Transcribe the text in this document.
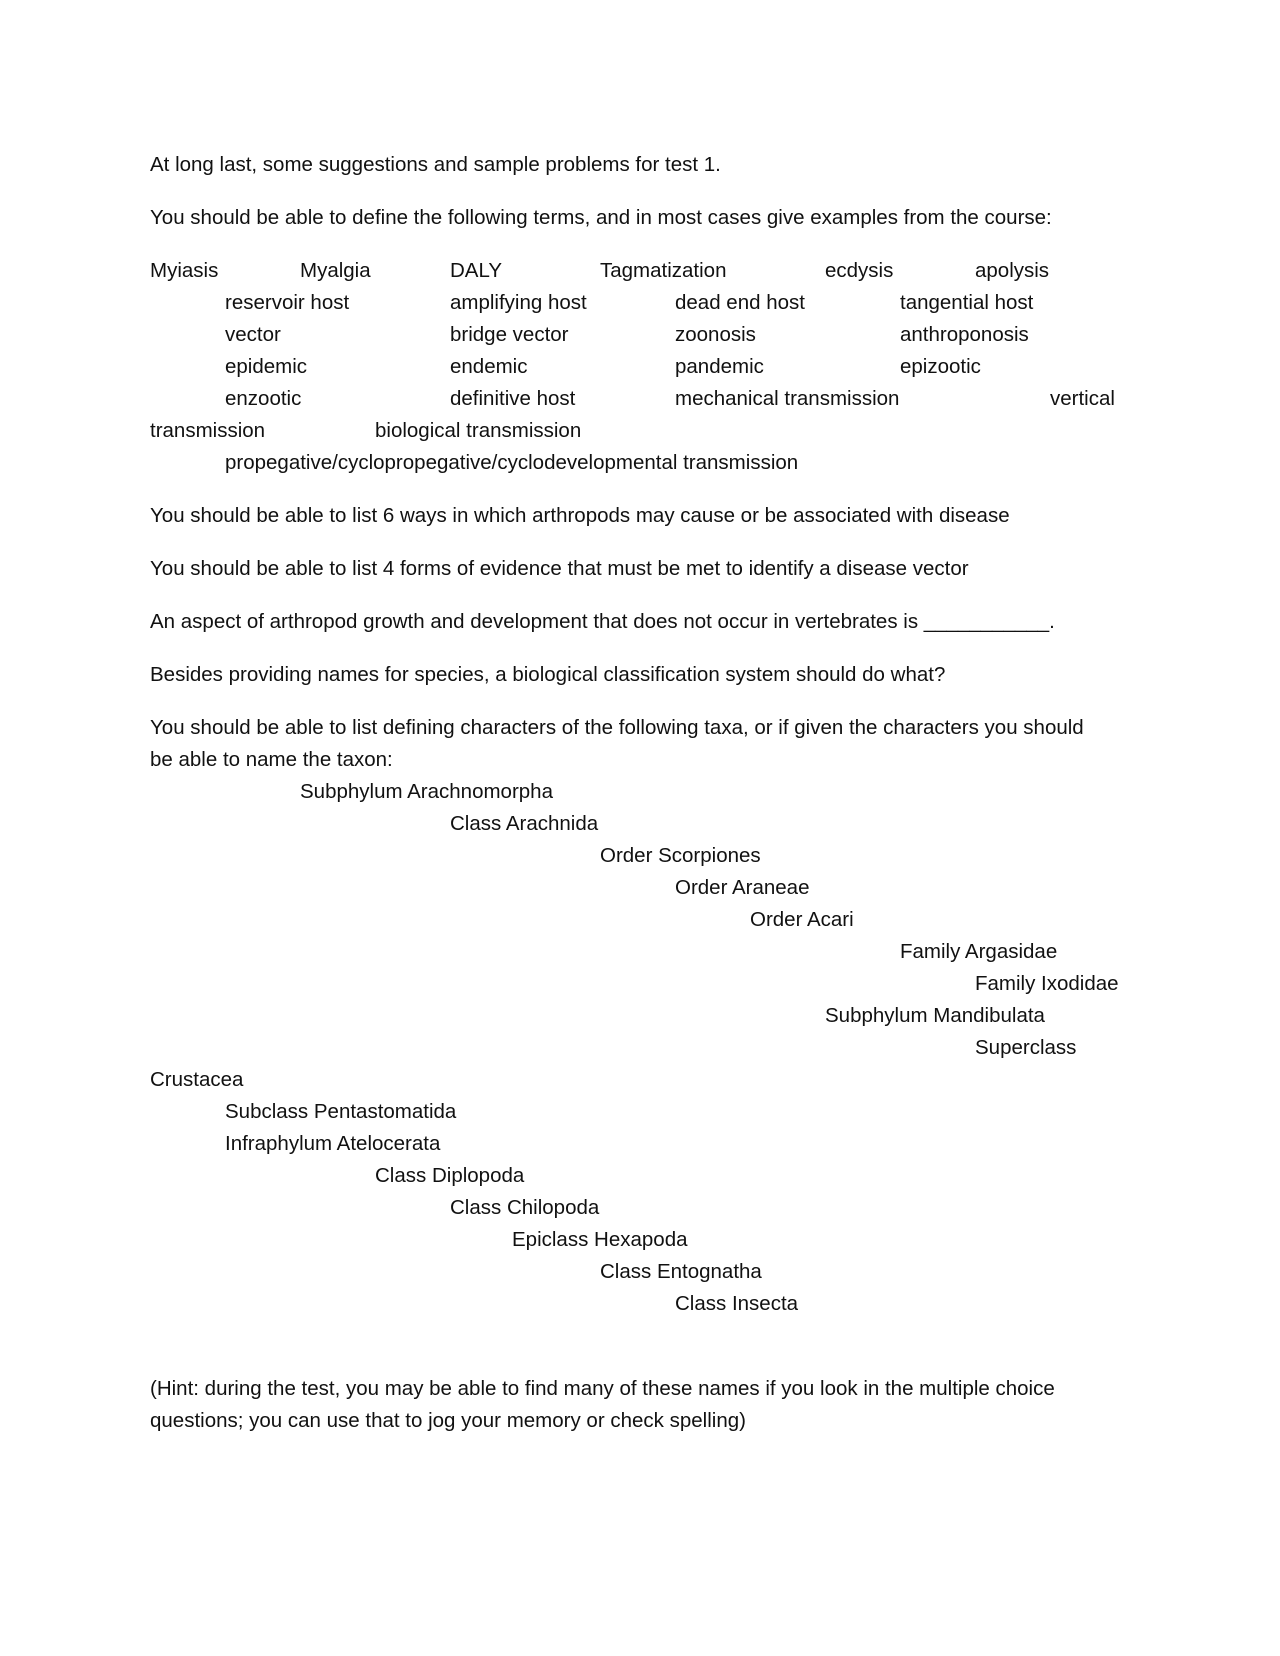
At long last, some suggestions and sample problems for test 1.
You should be able to define the following terms, and in most cases give examples from the course:
Myiasis	Myalgia	DALY	Tagmatization	ecdysis	apolysis
reservoir host	amplifying host	dead end host	tangential host
vector	bridge vector	zoonosis	anthroponosis
epidemic	endemic	pandemic	epizootic
enzootic	definitive host	mechanical transmission	vertical
transmission	biological transmission
propegative/cyclopropegative/cyclodevelopmental transmission
You should be able to list 6 ways in which arthropods may cause or be associated with disease
You should be able to list 4 forms of evidence that must be met to identify a disease vector
An aspect of arthropod growth and development that does not occur in vertebrates is ___________.
Besides providing names for species, a biological classification system should do what?
You should be able to list defining characters of the following taxa, or if given the characters you should
be able to name the taxon:
Subphylum Arachnomorpha
Class Arachnida
Order Scorpiones
Order Araneae
Order Acari
Family Argasidae
Family Ixodidae
Subphylum Mandibulata
Superclass
Crustacea
Subclass Pentastomatida
Infraphylum Atelocerata
Class Diplopoda
Class Chilopoda
Epiclass Hexapoda
Class Entognatha
Class Insecta
(Hint: during the test, you may be able to find many of these names if you look in the multiple choice
questions; you can use that to jog your memory or check spelling)
